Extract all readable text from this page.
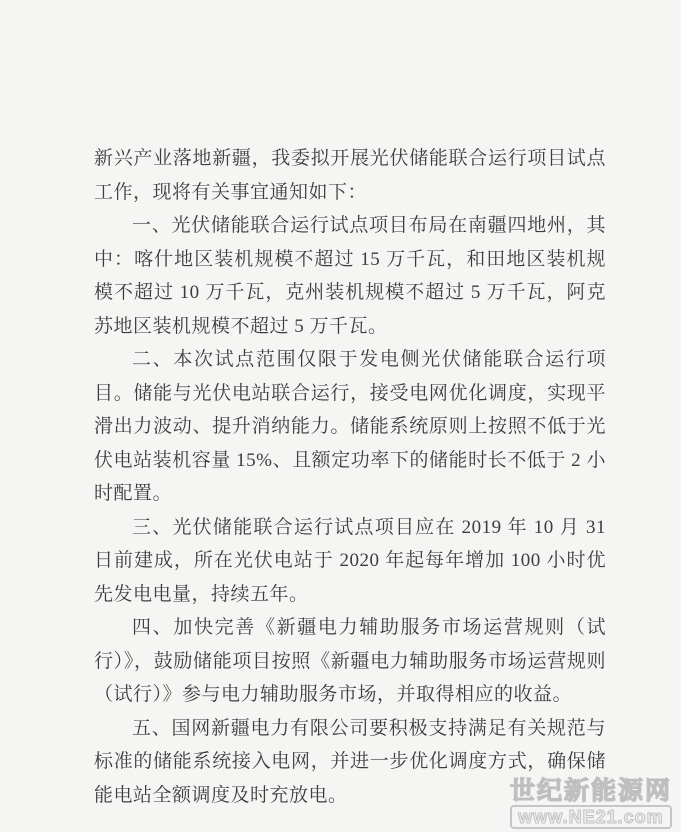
新兴产业落地新疆，我委拟开展光伏储能联合运行项目试点工作，现将有关事宜通知如下：

一、光伏储能联合运行试点项目布局在南疆四地州，其中：喀什地区装机规模不超过 15 万千瓦，和田地区装机规模不超过 10 万千瓦，克州装机规模不超过 5 万千瓦，阿克苏地区装机规模不超过 5 万千瓦。

二、本次试点范围仅限于发电侧光伏储能联合运行项目。储能与光伏电站联合运行，接受电网优化调度，实现平滑出力波动、提升消纳能力。储能系统原则上按照不低于光伏电站装机容量 15%、且额定功率下的储能时长不低于 2 小时配置。

三、光伏储能联合运行试点项目应在 2019 年 10 月 31 日前建成，所在光伏电站于 2020 年起每年增加 100 小时优先发电电量，持续五年。

四、加快完善《新疆电力辅助服务市场运营规则（试行）》，鼓励储能项目按照《新疆电力辅助服务市场运营规则（试行）》参与电力辅助服务市场，并取得相应的收益。

五、国网新疆电力有限公司要积极支持满足有关规范与标准的储能系统接入电网，并进一步优化调度方式，确保储能电站全额调度及时充放电。	世纪新能源网
www.NE21.com
